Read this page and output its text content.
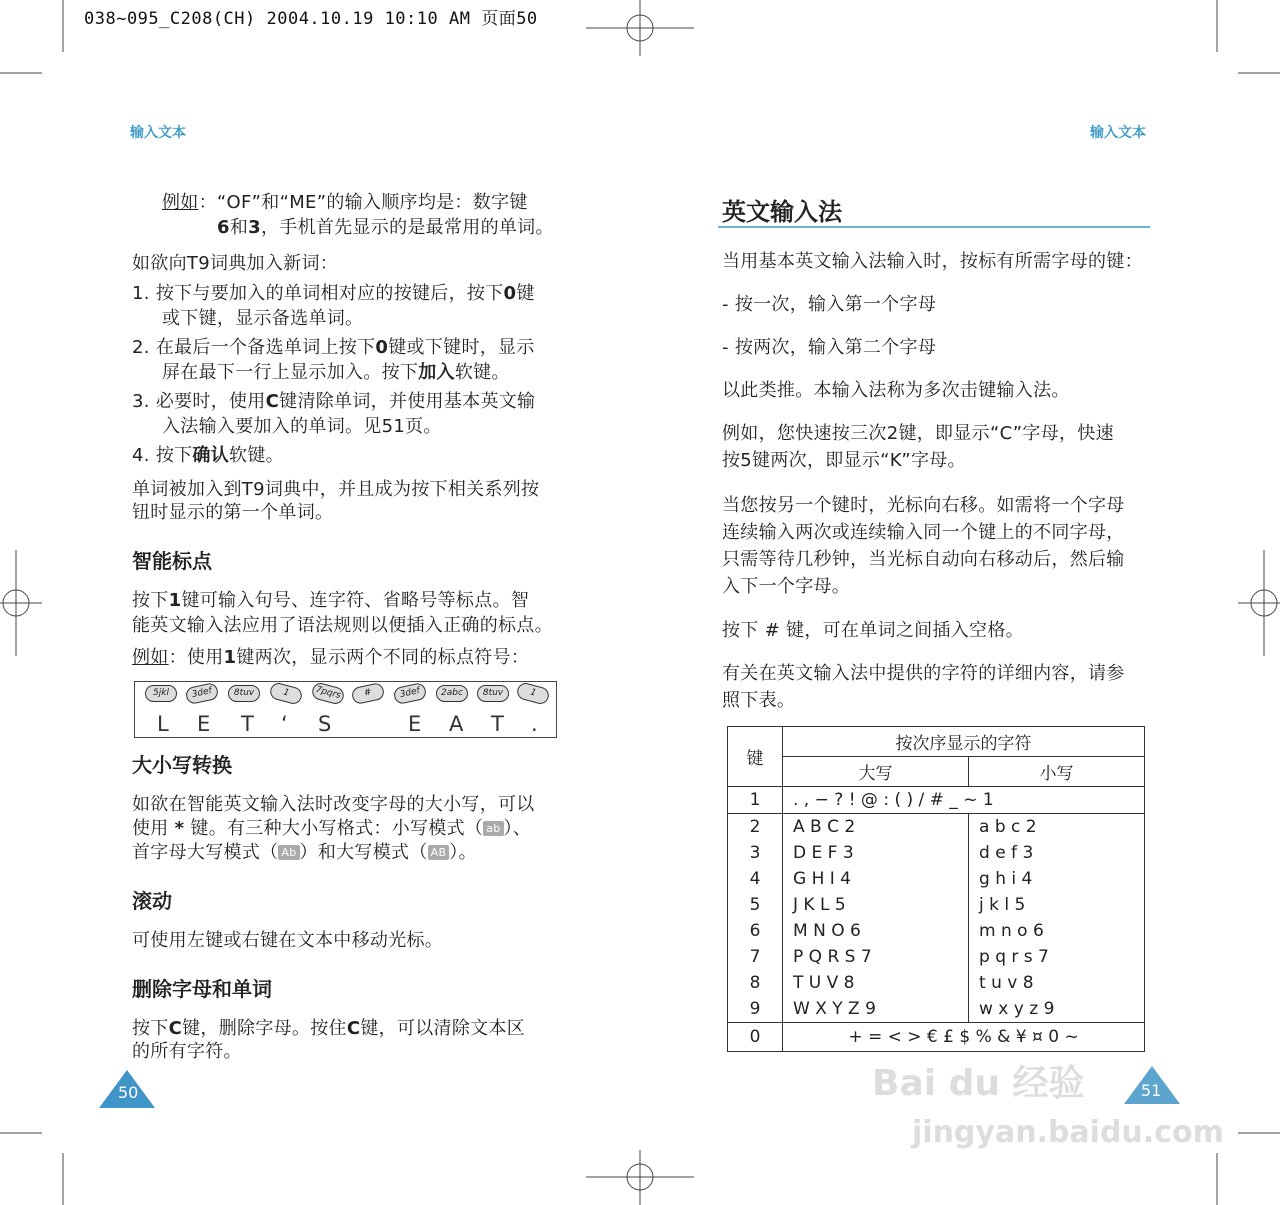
038~095_C208(CH) 2004.10.19 10:10 AM 页面50
输入文本
例如：“OF”和“ME”的输入顺序均是：数字键
6和3，手机首先显示的是最常用的单词。
如欲向T9词典加入新词：
1. 按下与要加入的单词相对应的按键后，按下0键
或下键，显示备选单词。
2. 在最后一个备选单词上按下0键或下键时，显示
屏在最下一行上显示加入。按下加入软键。
3. 必要时，使用C键清除单词，并使用基本英文输
入法输入要加入的单词。见51页。
4. 按下确认软键。
单词被加入到T9词典中，并且成为按下相关系列按
钮时显示的第一个单词。
智能标点
按下1键可输入句号、连字符、省略号等标点。智
能英文输入法应用了语法规则以便插入正确的标点。
例如：使用1键两次，显示两个不同的标点符号：
5jkl	3def	8tuv	1	7pqrs	#	3def	2abc	8tuv	1
L E T ‘ S	E A T .
大小写转换
如欲在智能英文输入法时改变字母的大小写，可以
使用 * 键。有三种大小写格式：小写模式（ ab ）、
首字母大写模式（ Ab ）和大写模式（ AB ）。
滚动
可使用左键或右键在文本中移动光标。
删除字母和单词
按下C键，删除字母。按住C键，可以清除文本区
的所有字符。
50
输入文本
英文输入法
当用基本英文输入法输入时，按标有所需字母的键：
- 按一次，输入第一个字母
- 按两次，输入第二个字母
以此类推。本输入法称为多次击键输入法。
例如，您快速按三次2键，即显示“C”字母，快速
按5键两次，即显示“K”字母。
当您按另一个键时，光标向右移。如需将一个字母
连续输入两次或连续输入同一个键上的不同字母，
只需等待几秒钟，当光标自动向右移动后，然后输
入下一个字母。
按下 # 键，可在单词之间插入空格。
有关在英文输入法中提供的字符的详细内容，请参
照下表。
键	按次序显示的字符	
	大写	小写
1	. , − ? ! @ : ( ) / # _ ~ 1	
2	A B C 2	a b c 2
3	D E F 3	d e f 3
4	G H I 4	g h i 4
5	J K L 5	j k l 5
6	M N O 6	m n o 6
7	P Q R S 7	p q r s 7
8	T U V 8	t u v 8
9	W X Y Z 9	w x y z 9
0	+ = < > € £ $ % & ¥ ¤ 0 ~	
Bai du 经验	51
jingyan.baidu.com
